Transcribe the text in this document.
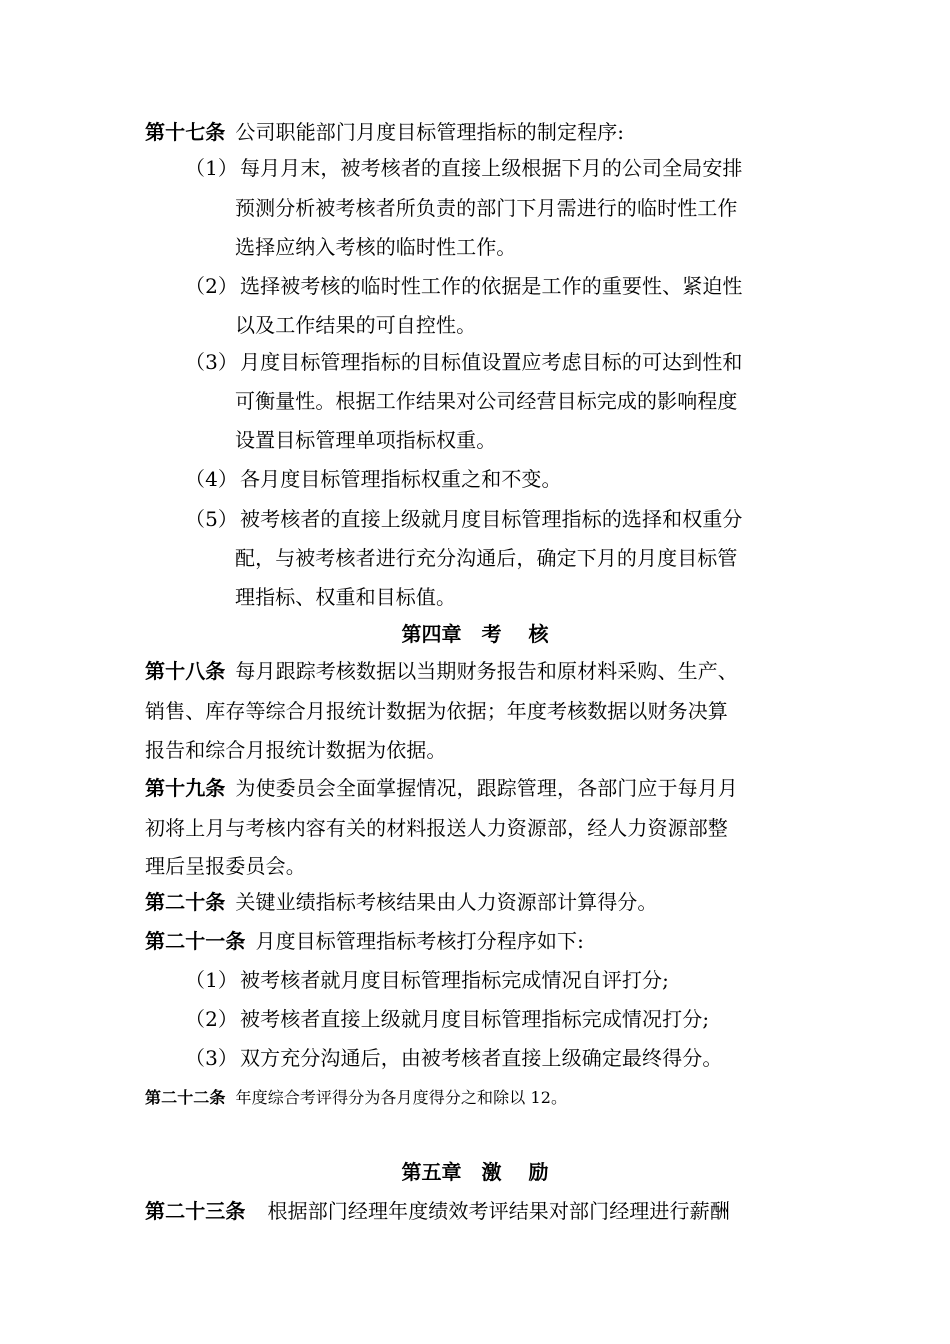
第十七条 公司职能部门月度目标管理指标的制定程序:
（1） 每月月末，被考核者的直接上级根据下月的公司全局安排
预测分析被考核者所负责的部门下月需进行的临时性工作
选择应纳入考核的临时性工作。
（2） 选择被考核的临时性工作的依据是工作的重要性、紧迫性
以及工作结果的可自控性。
（3） 月度目标管理指标的目标值设置应考虑目标的可达到性和
可衡量性。根据工作结果对公司经营目标完成的影响程度
设置目标管理单项指标权重。
（4） 各月度目标管理指标权重之和不变。
（5） 被考核者的直接上级就月度目标管理指标的选择和权重分
配，与被考核者进行充分沟通后，确定下月的月度目标管
理指标、权重和目标值。
第四章　考　 核
第十八条 每月跟踪考核数据以当期财务报告和原材料采购、生产、
销售、库存等综合月报统计数据为依据；年度考核数据以财务决算
报告和综合月报统计数据为依据。
第十九条 为使委员会全面掌握情况，跟踪管理，各部门应于每月月
初将上月与考核内容有关的材料报送人力资源部，经人力资源部整
理后呈报委员会。
第二十条 关键业绩指标考核结果由人力资源部计算得分。
第二十一条 月度目标管理指标考核打分程序如下:
（1） 被考核者就月度目标管理指标完成情况自评打分;
（2） 被考核者直接上级就月度目标管理指标完成情况打分;
（3） 双方充分沟通后，由被考核者直接上级确定最终得分。
第二十二条 年度综合考评得分为各月度得分之和除以 12。
第五章　激　 励
第二十三条 根据部门经理年度绩效考评结果对部门经理进行薪酬
